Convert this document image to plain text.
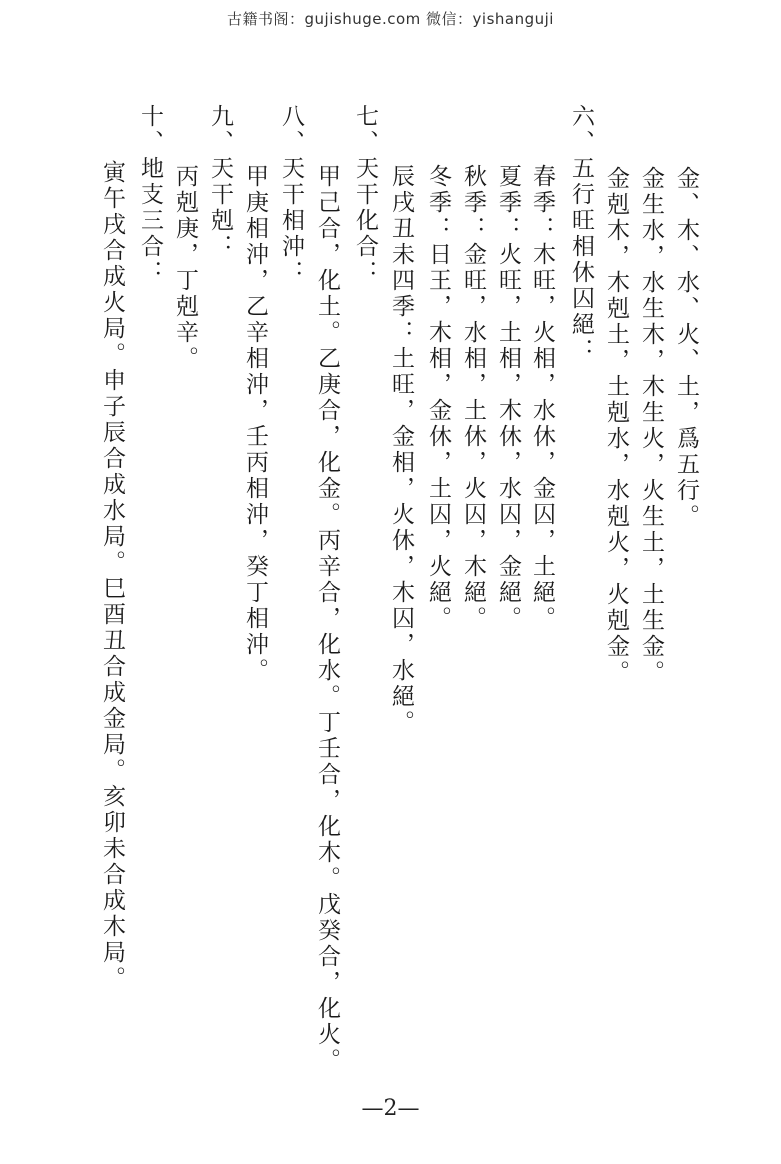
古籍书阁：gujishuge.com 微信：yishanguji
金、木、水、火、土，爲五行。
金生水，水生木，木生火，火生土，土生金。
金剋木，木剋土，土剋水，水剋火，火剋金。
六、五行旺相休囚絕：
春季：木旺，火相，水休，金囚，土絕。
夏季：火旺，土相，木休，水囚，金絕。
秋季：金旺，水相，土休，火囚，木絕。
冬季：日王，木相，金休，土囚，火絕。
辰戌丑未四季：土旺，金相，火休，木囚，水絕。
七、天干化合：
甲己合，化土。乙庚合，化金。丙辛合，化水。丁壬合，化木。戊癸合，化火。
八、天干相沖：
甲庚相沖，乙辛相沖，壬丙相沖，癸丁相沖。
九、天干剋：
丙剋庚，丁剋辛。
十、地支三合：
寅午戌合成火局。申子辰合成水局。巳酉丑合成金局。亥卯未合成木局。
—2—
